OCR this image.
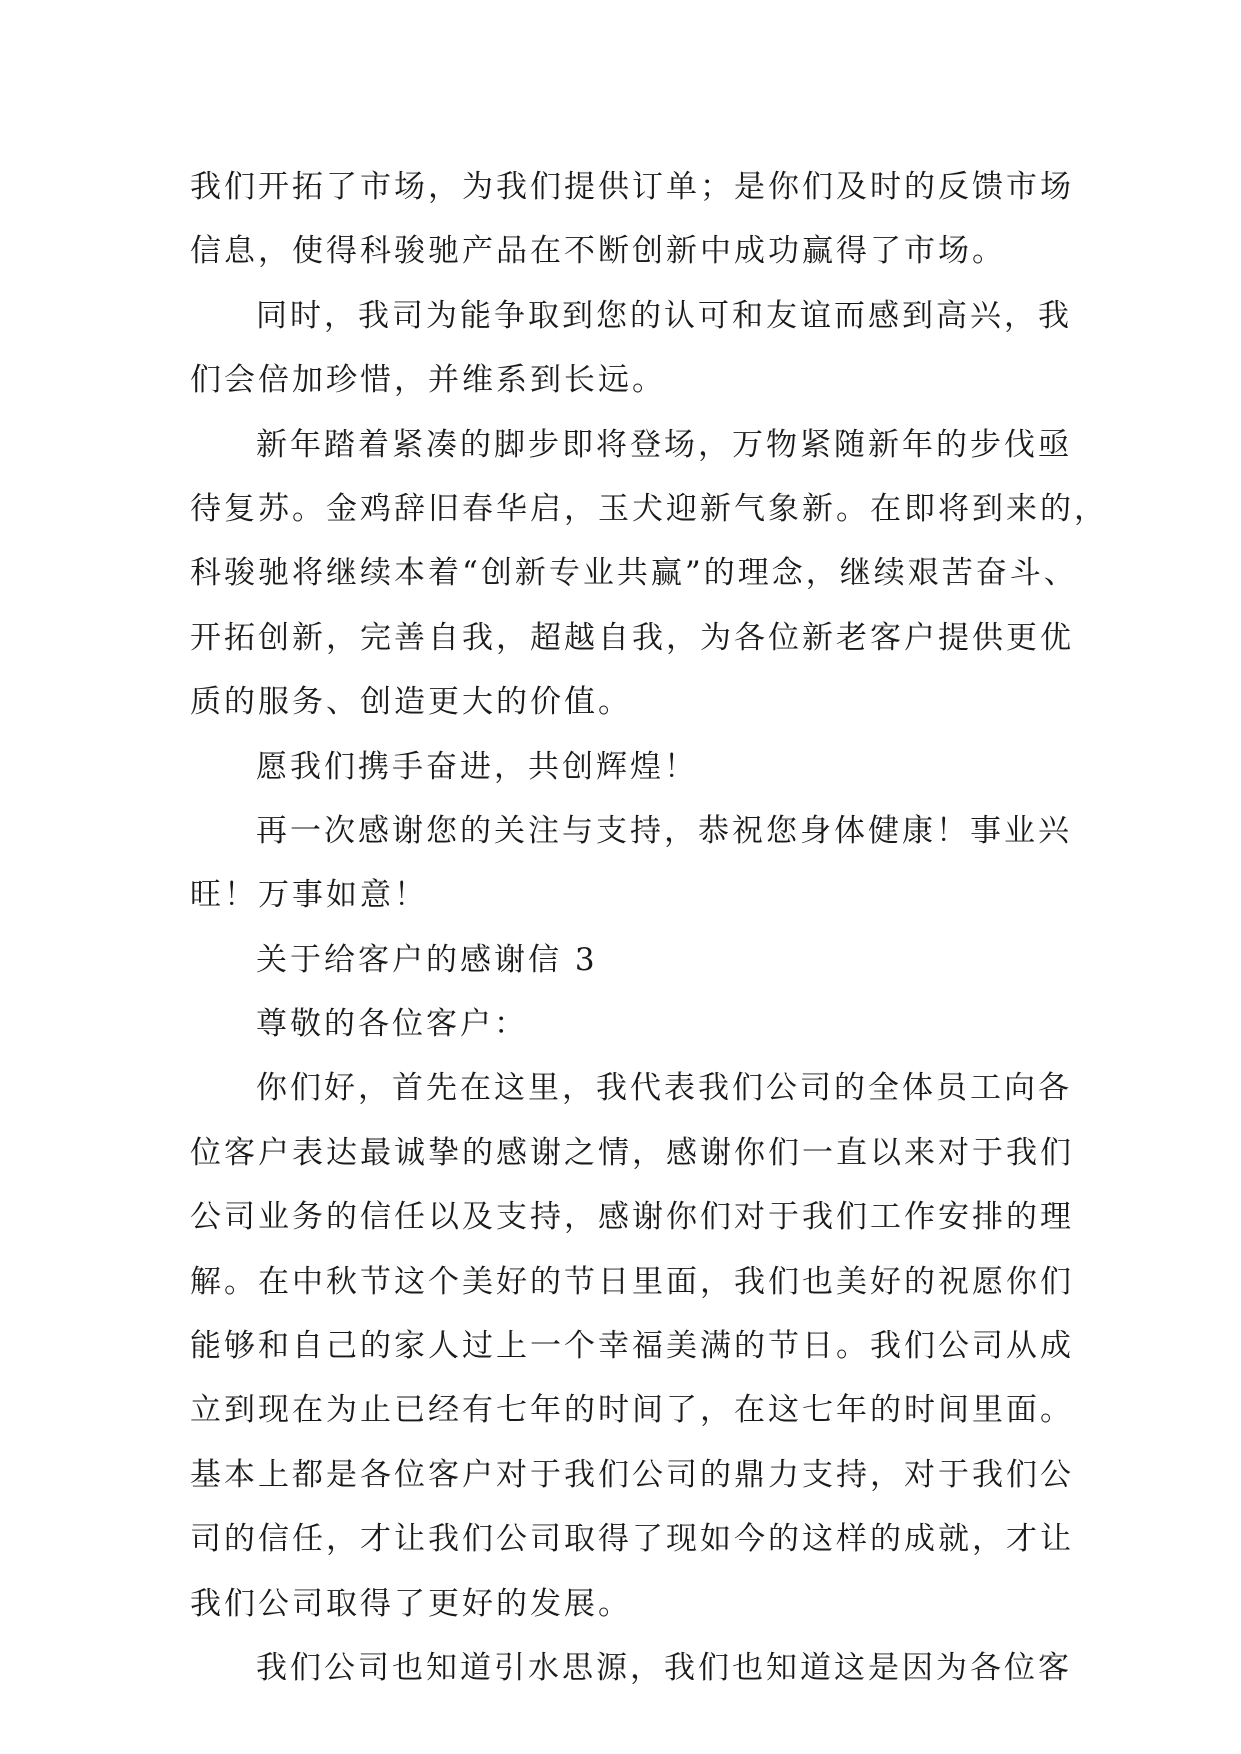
我们开拓了市场，为我们提供订单；是你们及时的反馈市场
信息，使得科骏驰产品在不断创新中成功赢得了市场。
同时，我司为能争取到您的认可和友谊而感到高兴，我
们会倍加珍惜，并维系到长远。
新年踏着紧凑的脚步即将登场，万物紧随新年的步伐亟
待复苏。金鸡辞旧春华启，玉犬迎新气象新。在即将到来的，
科骏驰将继续本着“创新专业共赢”的理念，继续艰苦奋斗、
开拓创新，完善自我，超越自我，为各位新老客户提供更优
质的服务、创造更大的价值。
愿我们携手奋进，共创辉煌！
再一次感谢您的关注与支持，恭祝您身体健康！事业兴
旺！万事如意！
关于给客户的感谢信 3
尊敬的各位客户：
你们好，首先在这里，我代表我们公司的全体员工向各
位客户表达最诚挚的感谢之情，感谢你们一直以来对于我们
公司业务的信任以及支持，感谢你们对于我们工作安排的理
解。在中秋节这个美好的节日里面，我们也美好的祝愿你们
能够和自己的家人过上一个幸福美满的节日。我们公司从成
立到现在为止已经有七年的时间了，在这七年的时间里面。
基本上都是各位客户对于我们公司的鼎力支持，对于我们公
司的信任，才让我们公司取得了现如今的这样的成就，才让
我们公司取得了更好的发展。
我们公司也知道引水思源，我们也知道这是因为各位客
